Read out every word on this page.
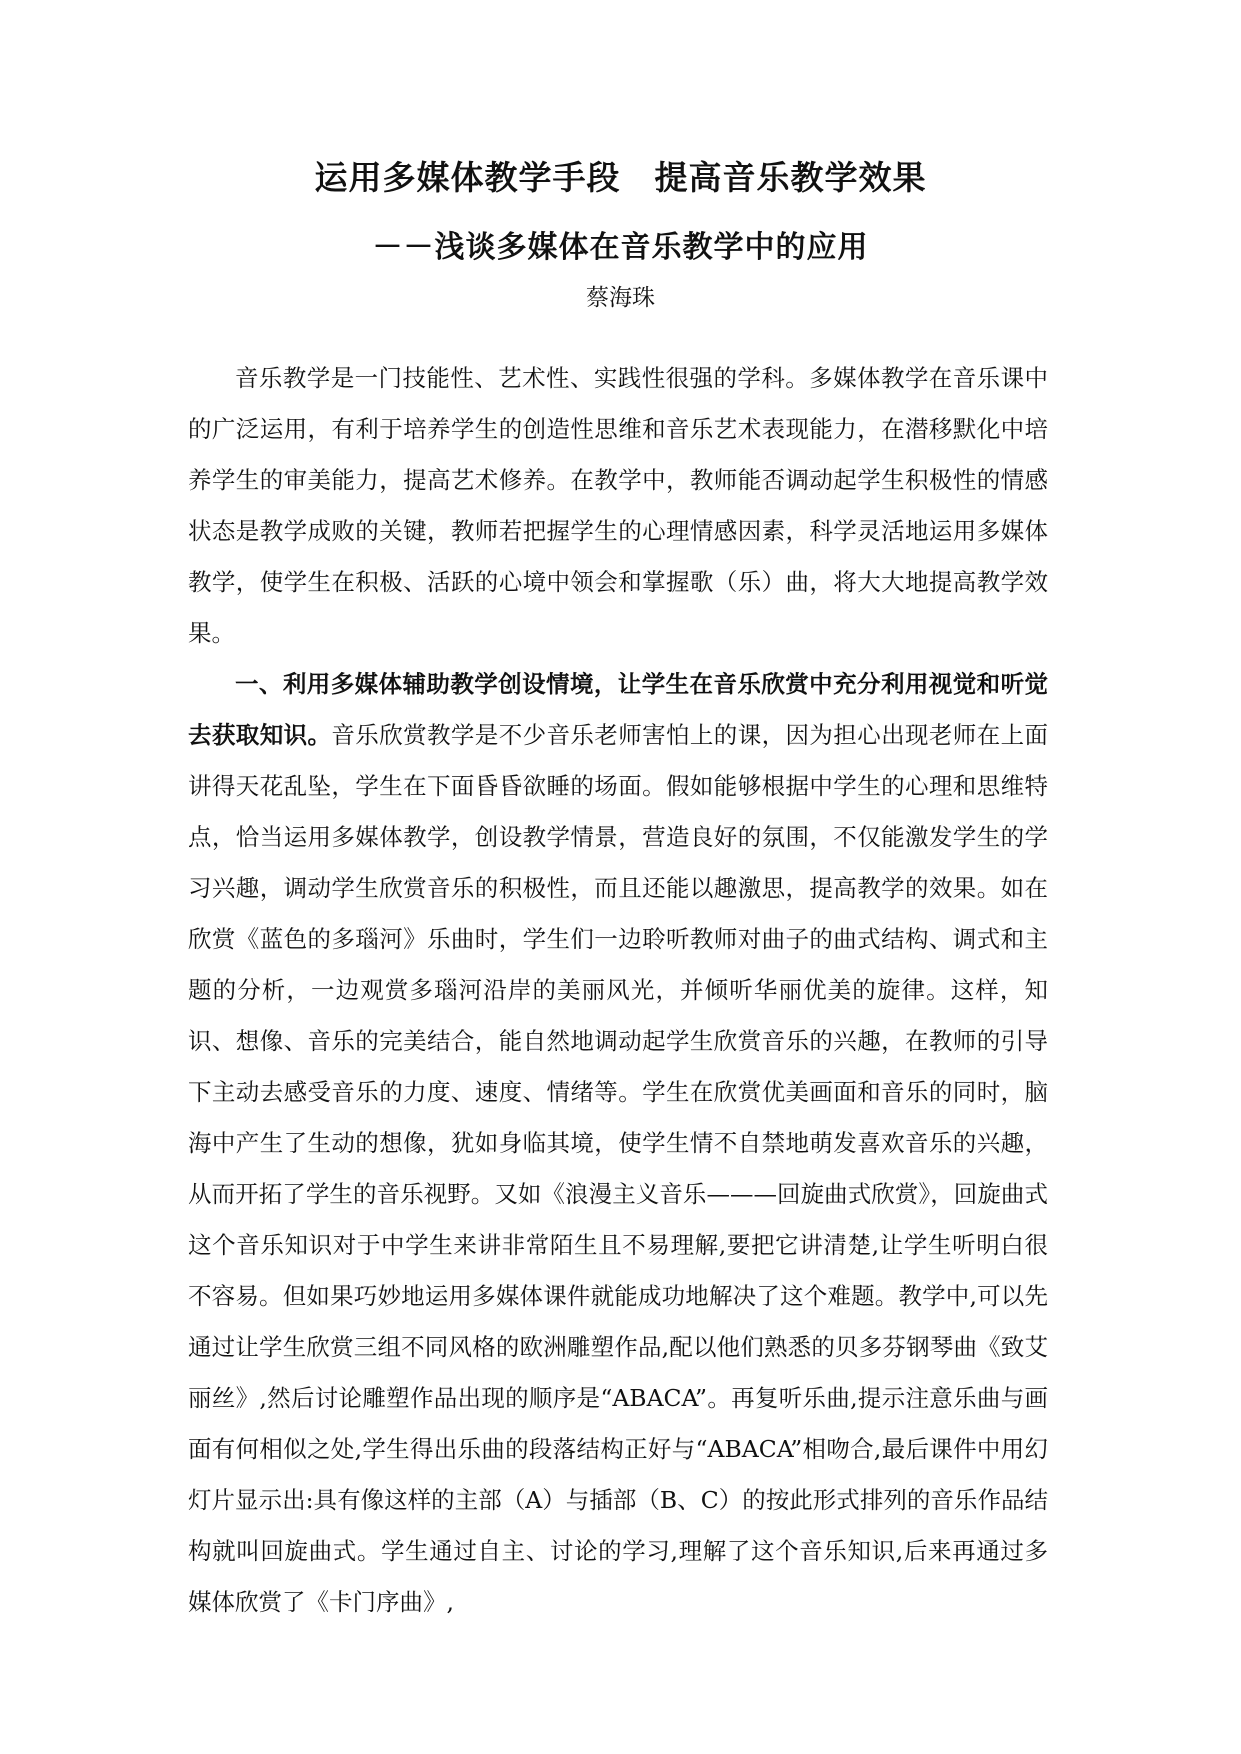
运用多媒体教学手段　提高音乐教学效果
－－浅谈多媒体在音乐教学中的应用
蔡海珠

音乐教学是一门技能性、艺术性、实践性很强的学科。多媒体教学在音乐课中的广泛运用，有利于培养学生的创造性思维和音乐艺术表现能力，在潜移默化中培养学生的审美能力，提高艺术修养。在教学中，教师能否调动起学生积极性的情感状态是教学成败的关键，教师若把握学生的心理情感因素，科学灵活地运用多媒体教学，使学生在积极、活跃的心境中领会和掌握歌（乐）曲，将大大地提高教学效果。

一、利用多媒体辅助教学创设情境，让学生在音乐欣赏中充分利用视觉和听觉去获取知识。音乐欣赏教学是不少音乐老师害怕上的课，因为担心出现老师在上面讲得天花乱坠，学生在下面昏昏欲睡的场面。假如能够根据中学生的心理和思维特点，恰当运用多媒体教学，创设教学情景，营造良好的氛围，不仅能激发学生的学习兴趣，调动学生欣赏音乐的积极性，而且还能以趣激思，提高教学的效果。如在欣赏《蓝色的多瑙河》乐曲时，学生们一边聆听教师对曲子的曲式结构、调式和主题的分析，一边观赏多瑙河沿岸的美丽风光，并倾听华丽优美的旋律。这样，知识、想像、音乐的完美结合，能自然地调动起学生欣赏音乐的兴趣，在教师的引导下主动去感受音乐的力度、速度、情绪等。学生在欣赏优美画面和音乐的同时，脑海中产生了生动的想像，犹如身临其境，使学生情不自禁地萌发喜欢音乐的兴趣，从而开拓了学生的音乐视野。又如《浪漫主义音乐———回旋曲式欣赏》，回旋曲式这个音乐知识对于中学生来讲非常陌生且不易理解,要把它讲清楚,让学生听明白很不容易。但如果巧妙地运用多媒体课件就能成功地解决了这个难题。教学中,可以先通过让学生欣赏三组不同风格的欧洲雕塑作品,配以他们熟悉的贝多芬钢琴曲《致艾丽丝》,然后讨论雕塑作品出现的顺序是“ABACA”。再复听乐曲,提示注意乐曲与画面有何相似之处,学生得出乐曲的段落结构正好与“ABACA”相吻合,最后课件中用幻灯片显示出:具有像这样的主部（A）与插部（B、C）的按此形式排列的音乐作品结构就叫回旋曲式。学生通过自主、讨论的学习,理解了这个音乐知识,后来再通过多媒体欣赏了《卡门序曲》,
